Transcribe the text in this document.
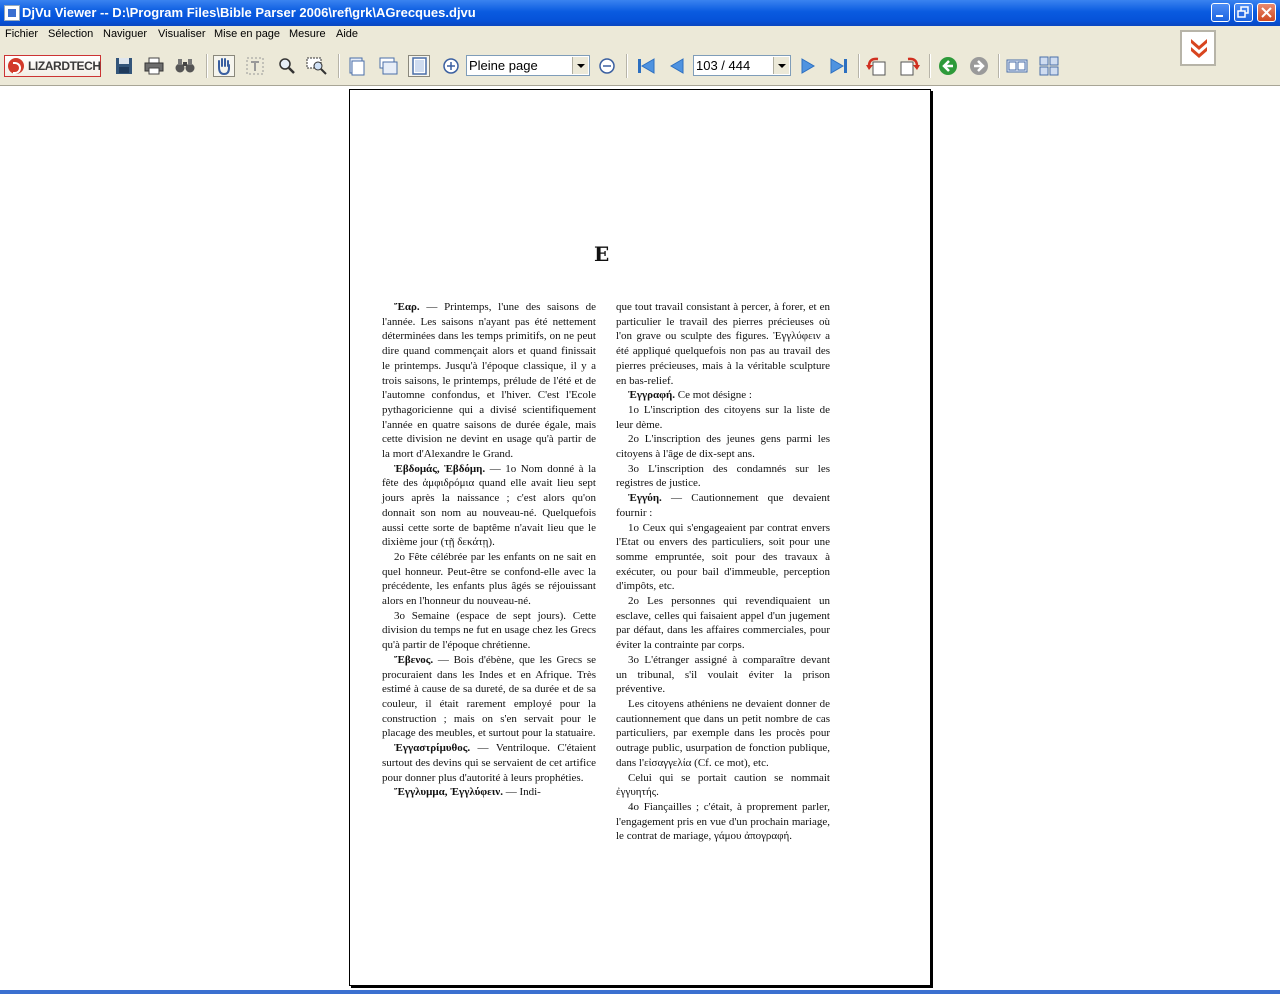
DjVu Viewer -- D:\Program Files\Bible Parser 2006\ref\grk\AGrecques.djvu
Fichier Sélection Naviguer Visualiser Mise en page Mesure Aide
LIZARDTECH	Pleine page	103 / 444
E

Ἔαρ. — Printemps, l'une des saisons de l'année. Les saisons n'ayant pas été nettement déterminées dans les temps primitifs, on ne peut dire quand commençait alors et quand finissait le printemps. Jusqu'à l'époque classique, il y a trois saisons, le printemps, prélude de l'été et de l'automne confondus, et l'hiver. C'est l'Ecole pythagoricienne qui a divisé scientifiquement l'année en quatre saisons de durée égale, mais cette division ne devint en usage qu'à partir de la mort d'Alexandre le Grand.

Ἑβδομάς, Ἑβδόμη. — 1o Nom donné à la fête des ἀμφιδρόμια quand elle avait lieu sept jours après la naissance ; c'est alors qu'on donnait son nom au nouveau-né. Quelquefois aussi cette sorte de baptême n'avait lieu que le dixième jour (τῇ δεκάτῃ).

2o Fête célébrée par les enfants on ne sait en quel honneur. Peut-être se confond-elle avec la précédente, les enfants plus âgés se réjouissant alors en l'honneur du nouveau-né.

3o Semaine (espace de sept jours). Cette division du temps ne fut en usage chez les Grecs qu'à partir de l'époque chrétienne.

Ἔβενος. — Bois d'ébène, que les Grecs se procuraient dans les Indes et en Afrique. Très estimé à cause de sa dureté, de sa durée et de sa couleur, il était rarement employé pour la construction ; mais on s'en servait pour le placage des meubles, et surtout pour la statuaire.

Ἐγγαστρίμυθος. — Ventriloque. C'étaient surtout des devins qui se servaient de cet artifice pour donner plus d'autorité à leurs prophéties.

Ἔγγλυμμα, Ἐγγλύφειν. — Indi-

que tout travail consistant à percer, à forer, et en particulier le travail des pierres précieuses où l'on grave ou sculpte des figures. Ἐγγλύφειν a été appliqué quelquefois non pas au travail des pierres précieuses, mais à la véritable sculpture en bas-relief.

Ἐγγραφή. Ce mot désigne :

1o L'inscription des citoyens sur la liste de leur dème.

2o L'inscription des jeunes gens parmi les citoyens à l'âge de dix-sept ans.

3o L'inscription des condamnés sur les registres de justice.

Ἐγγύη. — Cautionnement que devaient fournir :

1o Ceux qui s'engageaient par contrat envers l'Etat ou envers des particuliers, soit pour une somme empruntée, soit pour des travaux à exécuter, ou pour bail d'immeuble, perception d'impôts, etc.

2o Les personnes qui revendiquaient un esclave, celles qui faisaient appel d'un jugement par défaut, dans les affaires commerciales, pour éviter la contrainte par corps.

3o L'étranger assigné à comparaître devant un tribunal, s'il voulait éviter la prison préventive.

Les citoyens athéniens ne devaient donner de cautionnement que dans un petit nombre de cas particuliers, par exemple dans les procès pour outrage public, usurpation de fonction publique, dans l'εἰσαγγελία (Cf. ce mot), etc.

Celui qui se portait caution se nommait ἐγγυητής.

4o Fiançailles ; c'était, à proprement parler, l'engagement pris en vue d'un prochain mariage, le contrat de mariage, γάμου ἀπογραφή.
